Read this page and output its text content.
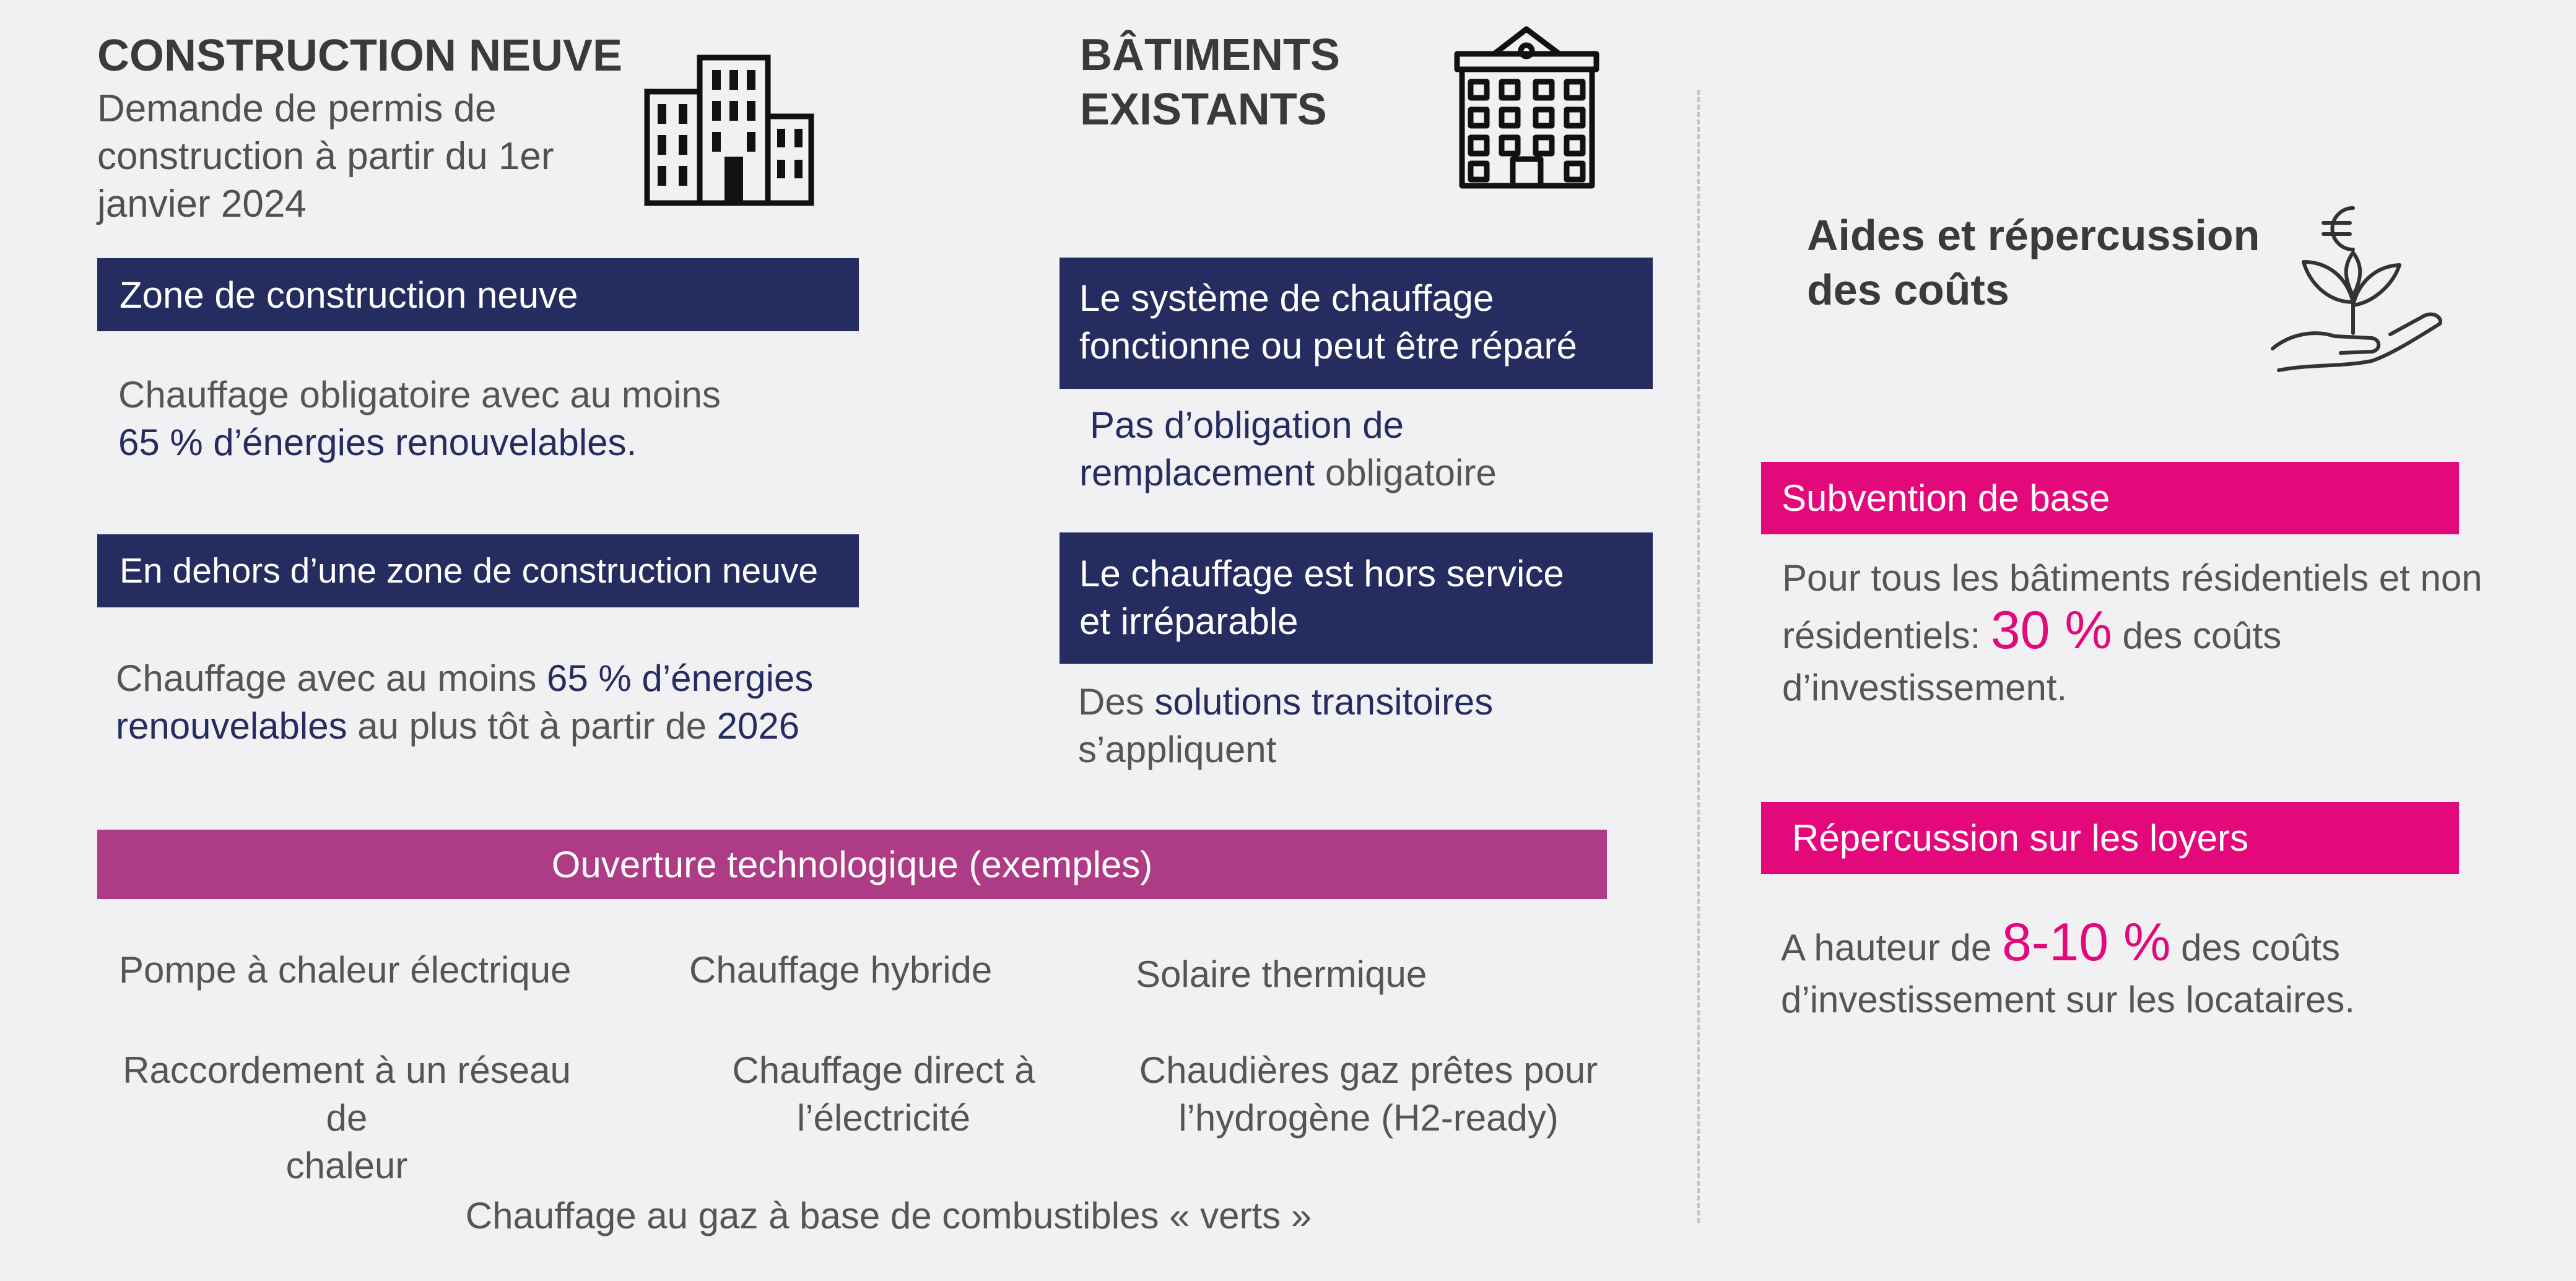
CONSTRUCTION NEUVE
Demande de permis de
construction à partir du 1er
janvier 2024
Zone de construction neuve
Chauffage obligatoire avec au moins
65 % d’énergies renouvelables.
En dehors d’une zone de construction neuve
Chauffage avec au moins 65 % d’énergies
renouvelables au plus tôt à partir de 2026
BÂTIMENTS
EXISTANTS
Le système de chauffage
fonctionne ou peut être réparé
Pas d’obligation de
remplacement obligatoire
Le chauffage est hors service
et irréparable
Des solutions transitoires
s’appliquent
Ouverture technologique (exemples)
Pompe à chaleur électrique	Chauffage hybride	Solaire thermique
Raccordement à un réseau de
chaleur
Chauffage direct à
l’électricité
Chaudières gaz prêtes pour
l’hydrogène (H2-ready)
Chauffage au gaz à base de combustibles « verts »
Aides et répercussion
des coûts
Subvention de base
Pour tous les bâtiments résidentiels et non
résidentiels: 30 % des coûts
d’investissement.
Répercussion sur les loyers
A hauteur de 8-10 % des coûts
d’investissement sur les locataires.
